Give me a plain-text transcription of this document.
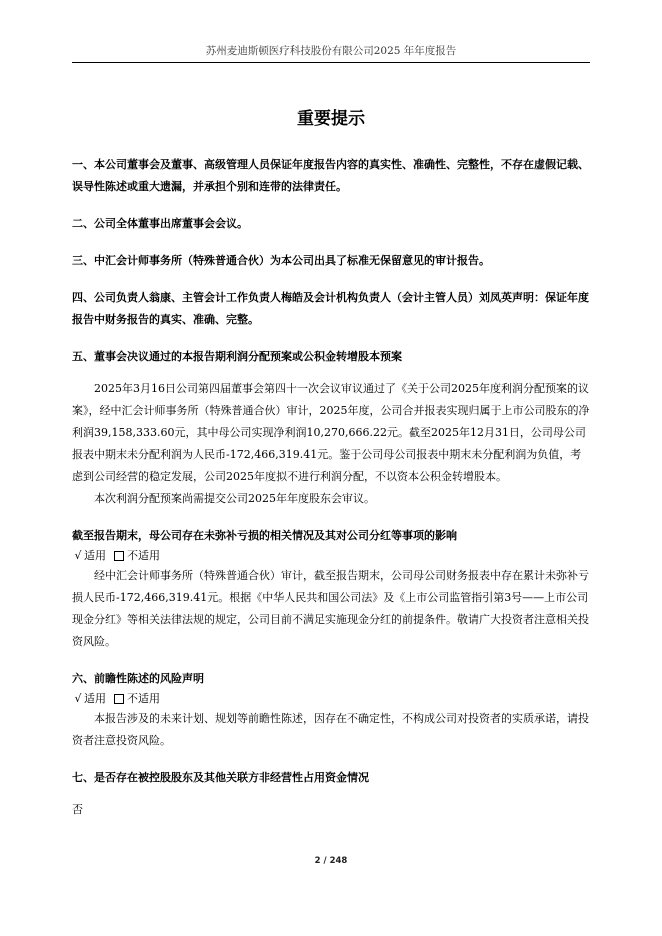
苏州麦迪斯顿医疗科技股份有限公司2025 年年度报告
重要提示

一、本公司董事会及董事、高级管理人员保证年度报告内容的真实性、准确性、完整性，不存在虚假记载、误导性陈述或重大遗漏，并承担个别和连带的法律责任。

二、公司全体董事出席董事会会议。

三、中汇会计师事务所（特殊普通合伙）为本公司出具了标准无保留意见的审计报告。

四、公司负责人翁康、主管会计工作负责人梅皓及会计机构负责人（会计主管人员）刘凤英声明：保证年度报告中财务报告的真实、准确、完整。

五、董事会决议通过的本报告期利润分配预案或公积金转增股本预案

2025年3月16日公司第四届董事会第四十一次会议审议通过了《关于公司2025年度利润分配预案的议案》，经中汇会计师事务所（特殊普通合伙）审计，2025年度，公司合并报表实现归属于上市公司股东的净利润39,158,333.60元，其中母公司实现净利润10,270,666.22元。截至2025年12月31日，公司母公司报表中期末未分配利润为人民币-172,466,319.41元。鉴于公司母公司报表中期末未分配利润为负值，考虑到公司经营的稳定发展，公司2025年度拟不进行利润分配，不以资本公积金转增股本。

本次利润分配预案尚需提交公司2025年年度股东会审议。

截至报告期末，母公司存在未弥补亏损的相关情况及其对公司分红等事项的影响

√ 适用 不适用

经中汇会计师事务所（特殊普通合伙）审计，截至报告期末，公司母公司财务报表中存在累计未弥补亏损人民币-172,466,319.41元。根据《中华人民共和国公司法》及《上市公司监管指引第3号——上市公司现金分红》等相关法律法规的规定，公司目前不满足实施现金分红的前提条件。敬请广大投资者注意相关投资风险。

六、前瞻性陈述的风险声明

√ 适用 不适用

本报告涉及的未来计划、规划等前瞻性陈述，因存在不确定性，不构成公司对投资者的实质承诺，请投资者注意投资风险。

七、是否存在被控股股东及其他关联方非经营性占用资金情况

否

2 / 248
